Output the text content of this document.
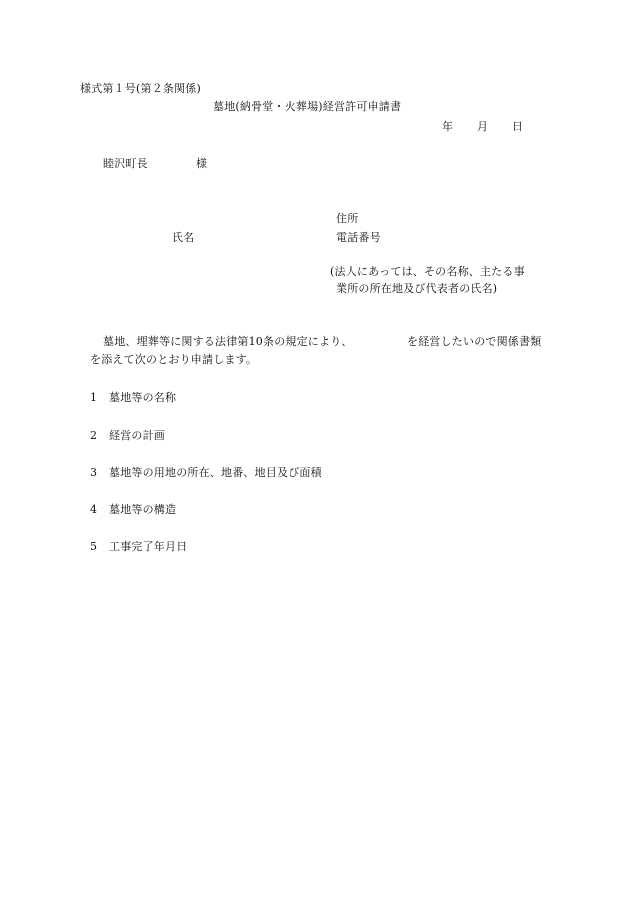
様式第１号(第２条関係)
墓地(納骨堂・火葬場)経営許可申請書
年 月 日
睦沢町長	様
住所
氏名	電話番号
(法人にあっては、その名称、主たる事
業所の所在地及び代表者の氏名)
墓地、埋葬等に関する法律第10条の規定により、	を経営したいので関係書類
を添えて次のとおり申請します。
1 墓地等の名称
2 経営の計画
3 墓地等の用地の所在、地番、地目及び面積
4 墓地等の構造
5 工事完了年月日
